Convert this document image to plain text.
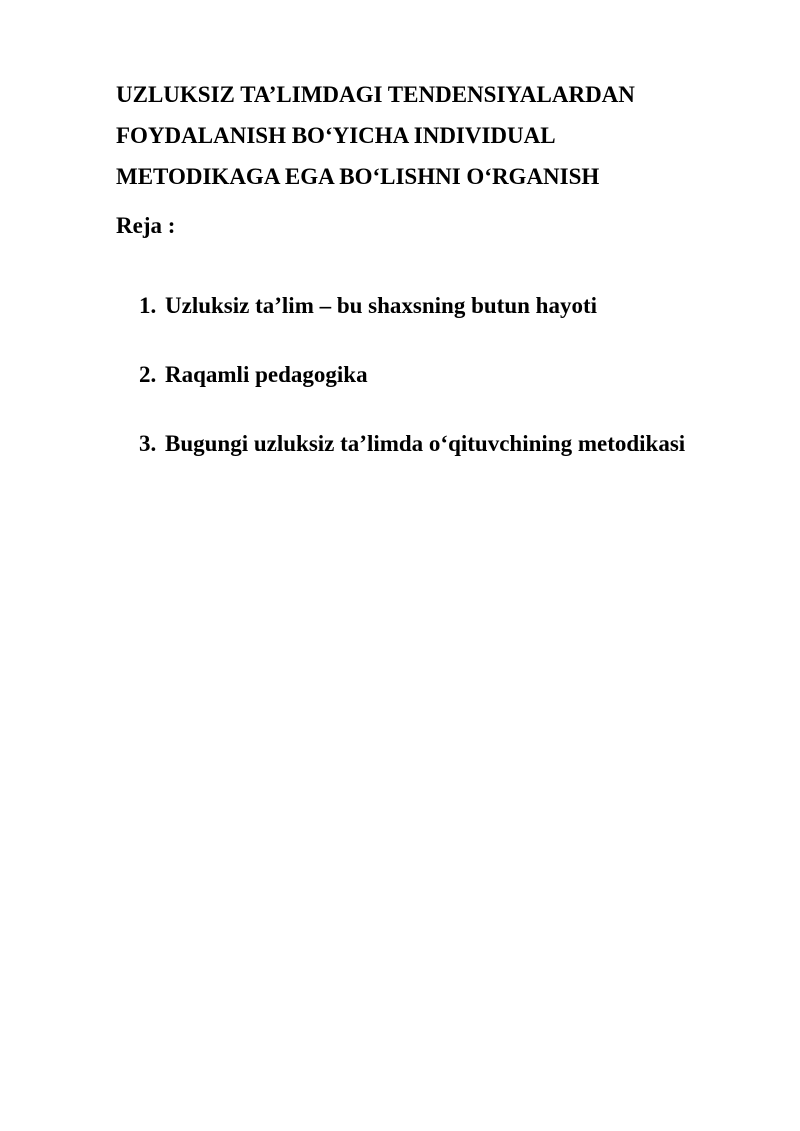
UZLUKSIZ TA’LIMDAGI TENDENSIYALARDAN
FOYDALANISH BO‘YICHA INDIVIDUAL
METODIKAGA EGA BO‘LISHNI O‘RGANISH
Reja :
1. Uzluksiz ta’lim – bu shaxsning butun hayoti
2. Raqamli pedagogika
3. Bugungi uzluksiz ta’limda o‘qituvchining metodikasi
